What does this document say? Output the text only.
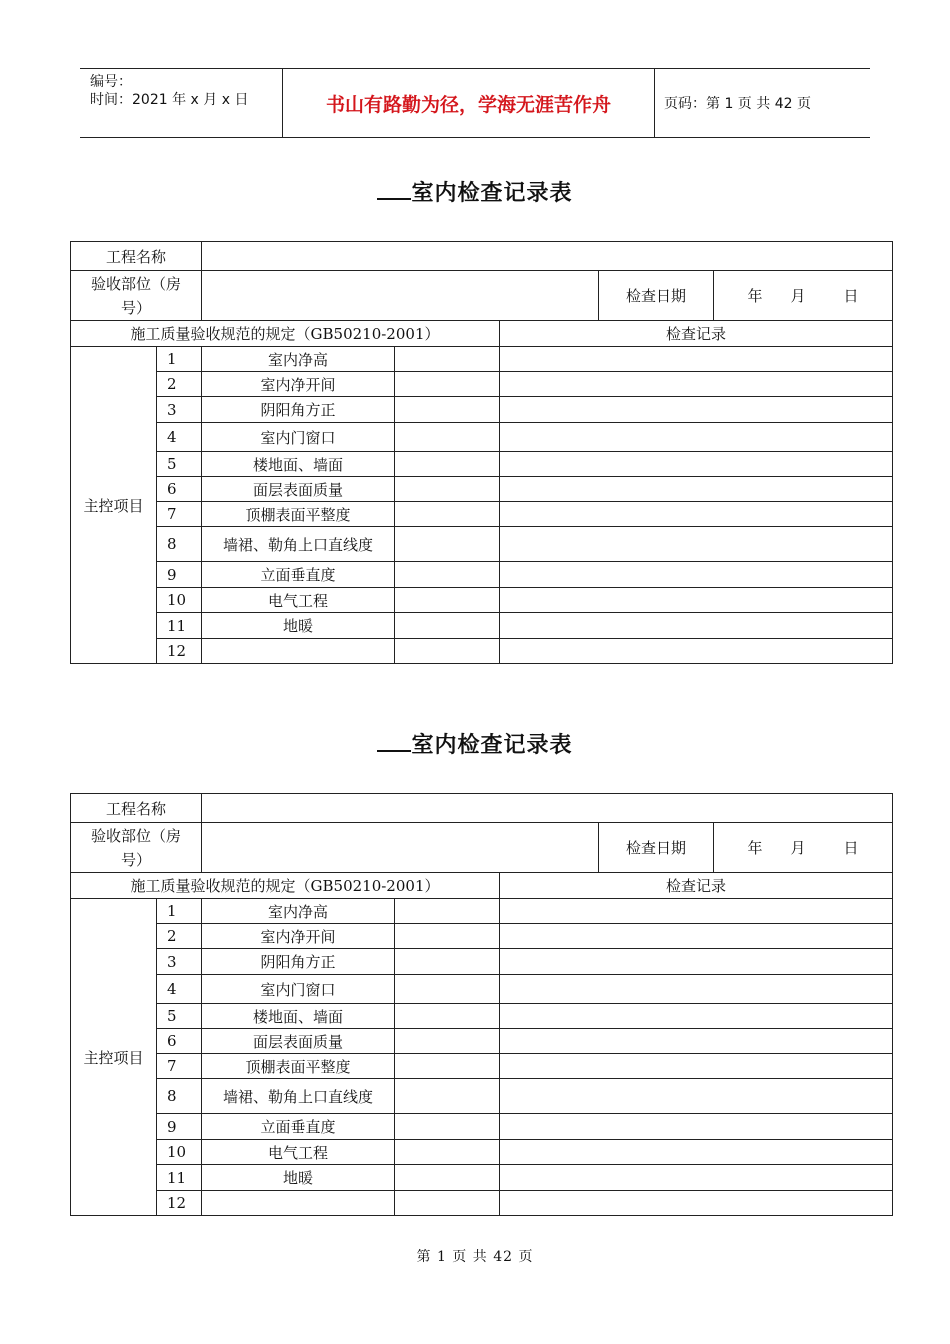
编号：
时间：2021 年 x 月 x 日	书山有路勤为径，学海无涯苦作舟	页码：第 1 页 共 42 页
室内检查记录表
工程名称						
验收部位（房
号）					检查日期	年 月 日
施工质量验收规范的规定（GB50210-2001）				检查记录		
主控项目	1	室内净高				
	2	室内净开间				
	3	阴阳角方正				
	4	室内门窗口				
	5	楼地面、墙面				
	6	面层表面质量				
	7	顶棚表面平整度				
	8	墙裙、勒角上口直线度				
	9	立面垂直度				
	10	电气工程				
	11	地暖				
	12					
室内检查记录表
工程名称						
验收部位（房
号）					检查日期	年 月 日
施工质量验收规范的规定（GB50210-2001）				检查记录		
主控项目	1	室内净高				
	2	室内净开间				
	3	阴阳角方正				
	4	室内门窗口				
	5	楼地面、墙面				
	6	面层表面质量				
	7	顶棚表面平整度				
	8	墙裙、勒角上口直线度				
	9	立面垂直度				
	10	电气工程				
	11	地暖				
	12					
第 1 页 共 42 页
